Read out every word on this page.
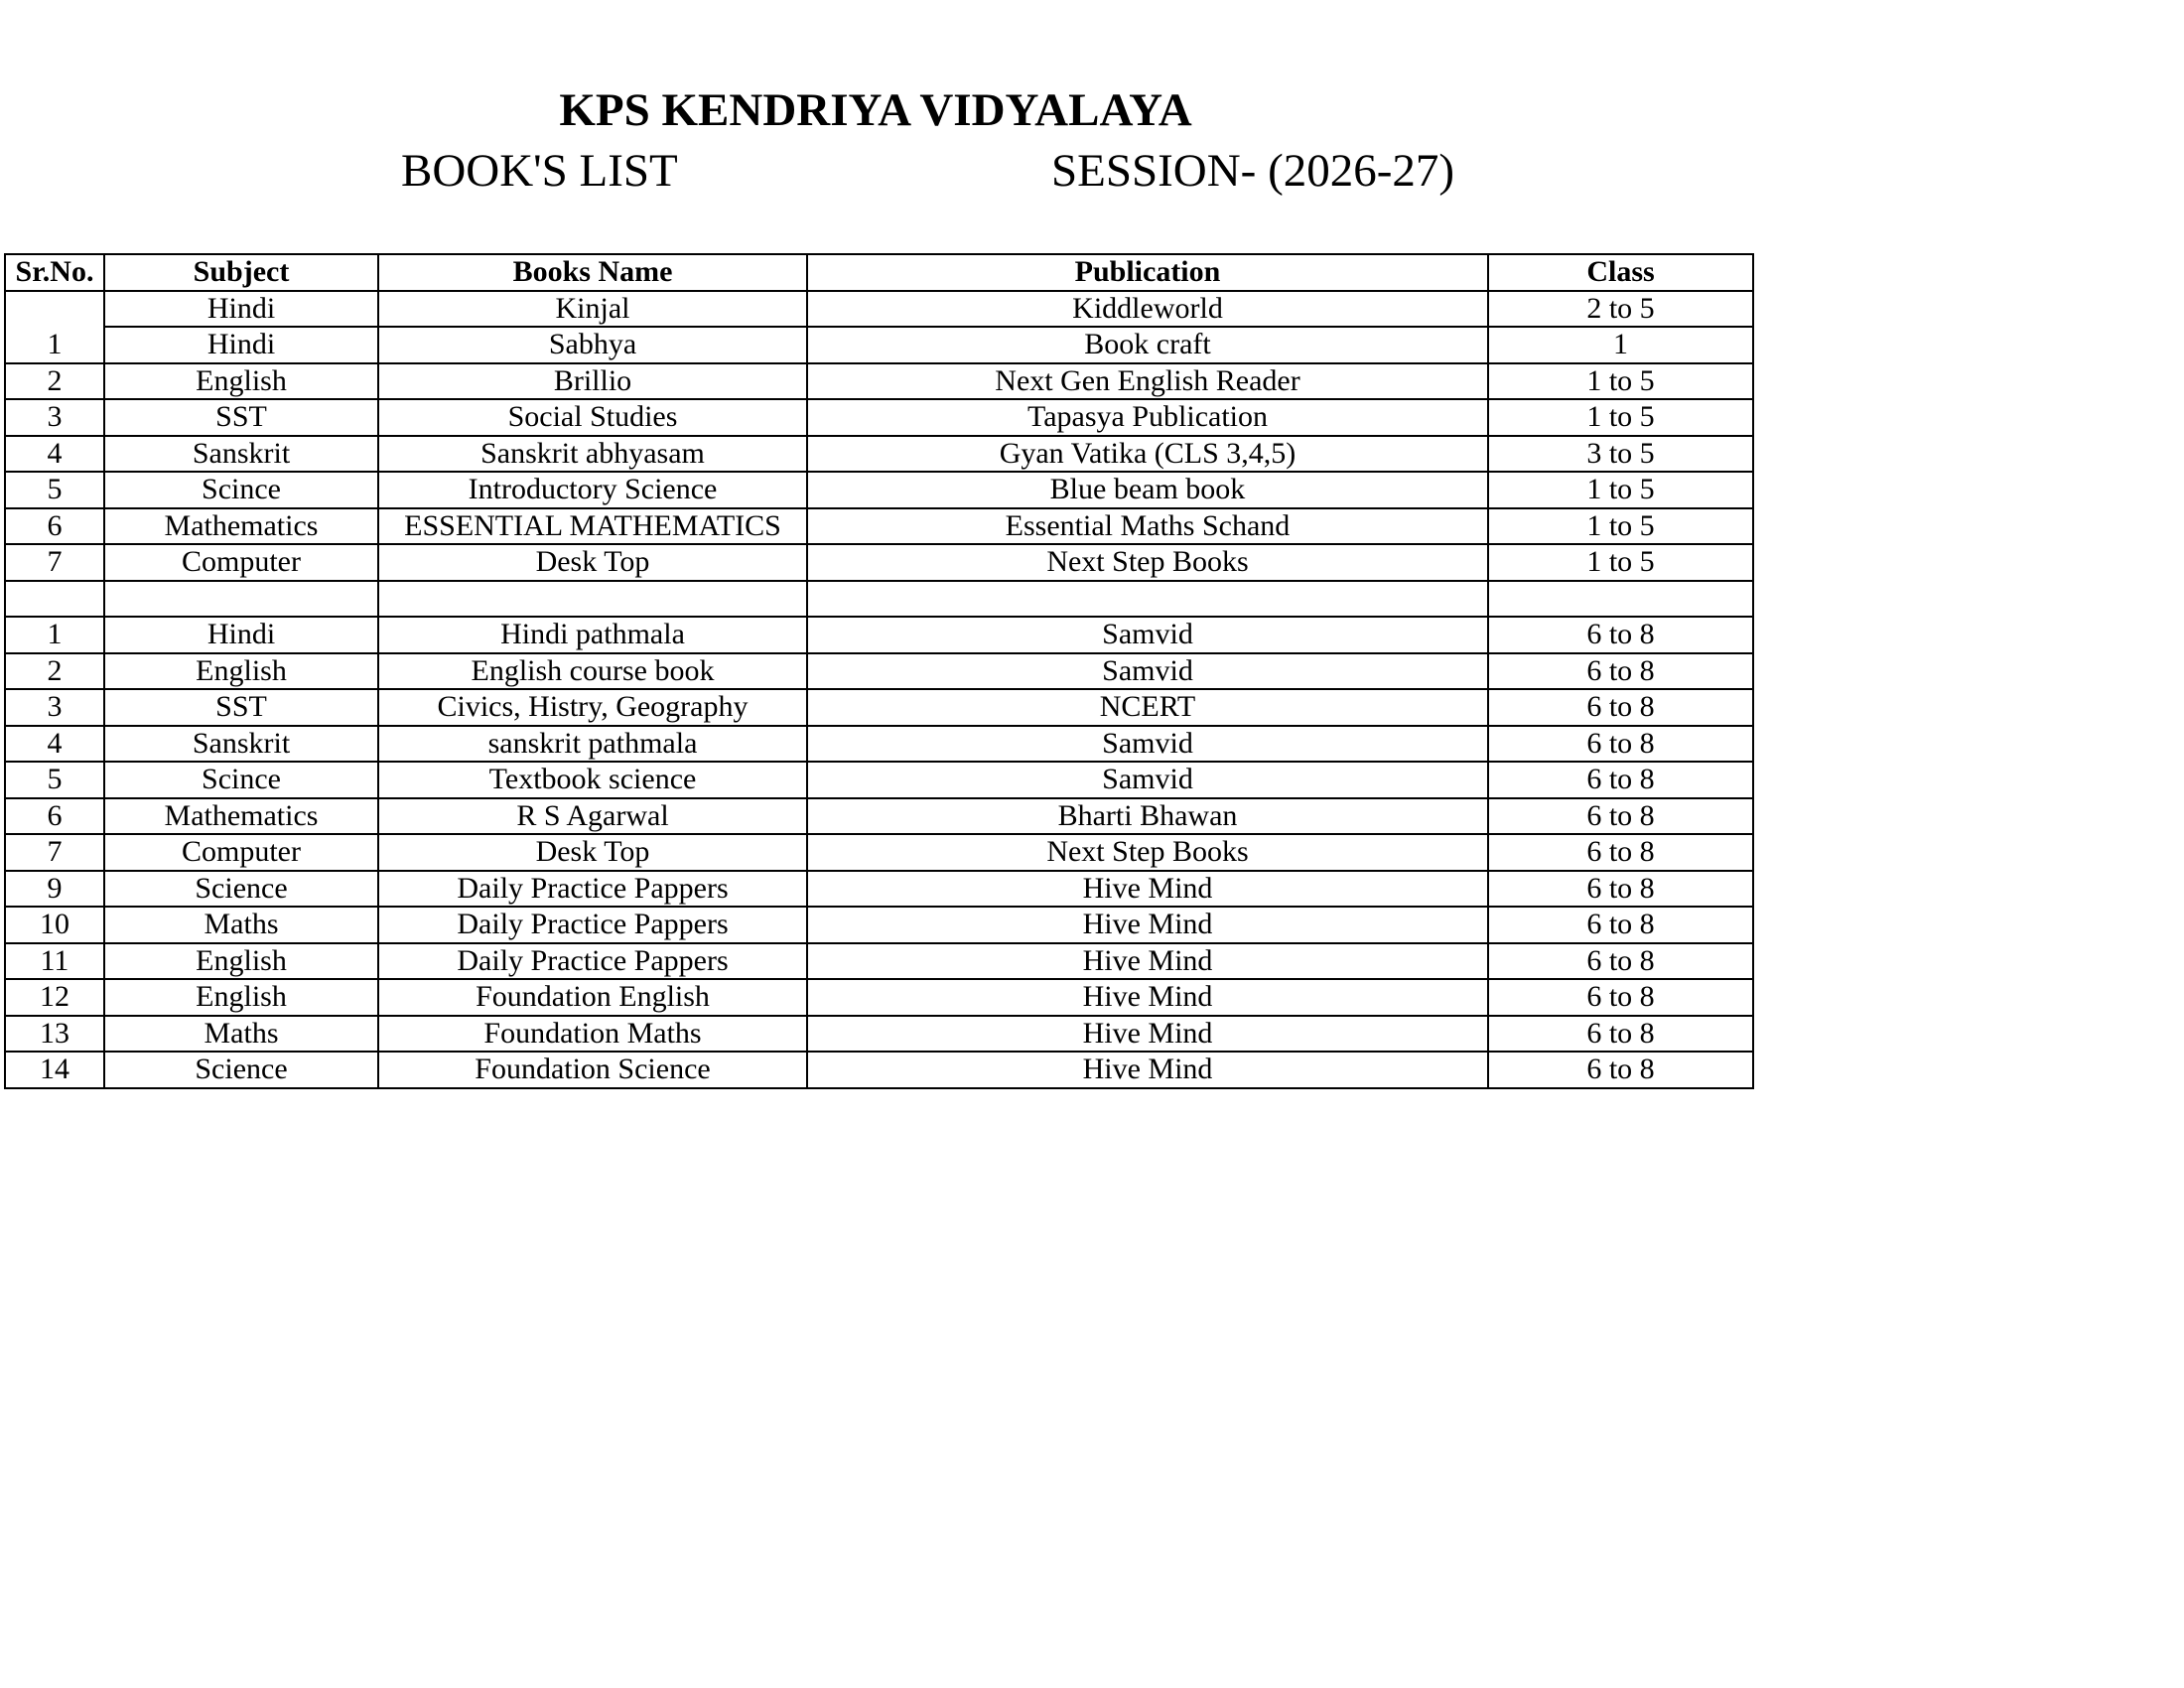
KPS KENDRIYA VIDYALAYA
BOOK'S LIST	SESSION- (2026-27)
Sr.No.	Subject	Books Name	Publication	Class
	Hindi	Kinjal	Kiddleworld	2 to 5
1	Hindi	Sabhya	Book craft	1
2	English	Brillio	Next Gen English Reader	1 to 5
3	SST	Social Studies	Tapasya Publication	1 to 5
4	Sanskrit	Sanskrit abhyasam	Gyan Vatika (CLS 3,4,5)	3 to 5
5	Scince	Introductory Science	Blue beam book	1 to 5
6	Mathematics	ESSENTIAL MATHEMATICS	Essential Maths Schand	1 to 5
7	Computer	Desk Top	Next Step Books	1 to 5

1	Hindi	Hindi pathmala	Samvid	6 to 8
2	English	English course book	Samvid	6 to 8
3	SST	Civics, Histry, Geography	NCERT	6 to 8
4	Sanskrit	sanskrit pathmala	Samvid	6 to 8
5	Scince	Textbook science	Samvid	6 to 8
6	Mathematics	R S Agarwal	Bharti Bhawan	6 to 8
7	Computer	Desk Top	Next Step Books	6 to 8
9	Science	Daily Practice Pappers	Hive Mind	6 to 8
10	Maths	Daily Practice Pappers	Hive Mind	6 to 8
11	English	Daily Practice Pappers	Hive Mind	6 to 8
12	English	Foundation English	Hive Mind	6 to 8
13	Maths	Foundation Maths	Hive Mind	6 to 8
14	Science	Foundation Science	Hive Mind	6 to 8
